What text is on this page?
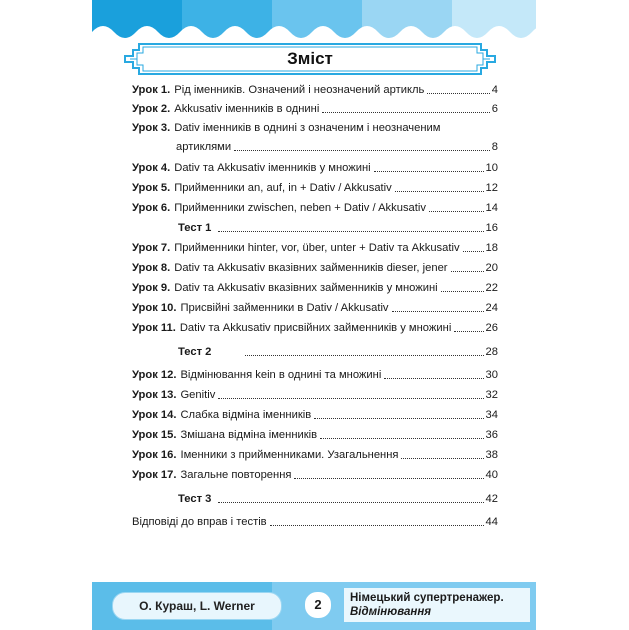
Зміст
Урок 1. Рід іменників. Означений і неозначений артикль	4
Урок 2. Akkusativ іменників в однині	6
Урок 3. Dativ іменників в однині з означеним і неозначеним
артиклями	8
Урок 4. Dativ та Akkusativ іменників у множині	10
Урок 5. Прийменники an, auf, in + Dativ / Akkusativ	12
Урок 6. Прийменники zwischen, neben + Dativ / Akkusativ	14
Тест 1	16
Урок 7. Прийменники hinter, vor, über, unter + Dativ та Akkusativ 18
Урок 8. Dativ та Akkusativ вказівних займенників dieser, jener	20
Урок 9. Dativ та Akkusativ вказівних займенників у множині	22
Урок 10. Присвійні займенники в Dativ / Akkusativ	24
Урок 11. Dativ та Akkusativ присвійних займенників у множині	26
Тест 2	28
Урок 12. Відмінювання kein в однині та множині	30
Урок 13. Genitiv	32
Урок 14. Слабка відміна іменників	34
Урок 15. Змішана відміна іменників	36
Урок 16. Іменники з прийменниками. Узагальнення	38
Урок 17. Загальне повторення	40
Тест 3	42
Відповіді до вправ і тестів	44
О. Кураш, L. Werner	2	Німецький супертренажер.
Відмінювання
